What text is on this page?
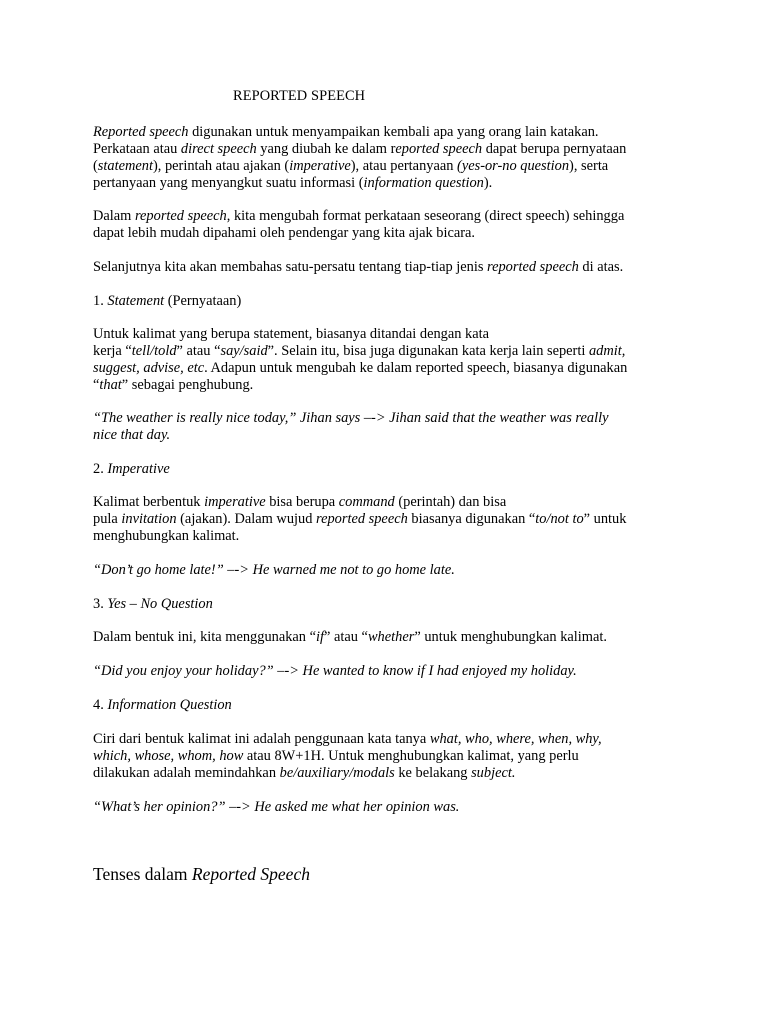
REPORTED SPEECH
Reported speech digunakan untuk menyampaikan kembali apa yang orang lain katakan.
Perkataan atau direct speech yang diubah ke dalam reported speech dapat berupa pernyataan
(statement), perintah atau ajakan (imperative), atau pertanyaan (yes-or-no question), serta
pertanyaan yang menyangkut suatu informasi (information question).
Dalam reported speech, kita mengubah format perkataan seseorang (direct speech) sehingga
dapat lebih mudah dipahami oleh pendengar yang kita ajak bicara.
Selanjutnya kita akan membahas satu-persatu tentang tiap-tiap jenis reported speech di atas.
1. Statement (Pernyataan)
Untuk kalimat yang berupa statement, biasanya ditandai dengan kata
kerja “tell/told” atau “say/said”. Selain itu, bisa juga digunakan kata kerja lain seperti admit,
suggest, advise, etc. Adapun untuk mengubah ke dalam reported speech, biasanya digunakan
“that” sebagai penghubung.
“The weather is really nice today,” Jihan says –-> Jihan said that the weather was really
nice that day.
2. Imperative
Kalimat berbentuk imperative bisa berupa command (perintah) dan bisa
pula invitation (ajakan). Dalam wujud reported speech biasanya digunakan “to/not to” untuk
menghubungkan kalimat.
“Don’t go home late!” –-> He warned me not to go home late.
3. Yes – No Question
Dalam bentuk ini, kita menggunakan “if” atau “whether” untuk menghubungkan kalimat.
“Did you enjoy your holiday?” –-> He wanted to know if I had enjoyed my holiday.
4. Information Question
Ciri dari bentuk kalimat ini adalah penggunaan kata tanya what, who, where, when, why,
which, whose, whom, how atau 8W+1H. Untuk menghubungkan kalimat, yang perlu
dilakukan adalah memindahkan be/auxiliary/modals ke belakang subject.
“What’s her opinion?” –-> He asked me what her opinion was.
Tenses dalam Reported Speech
